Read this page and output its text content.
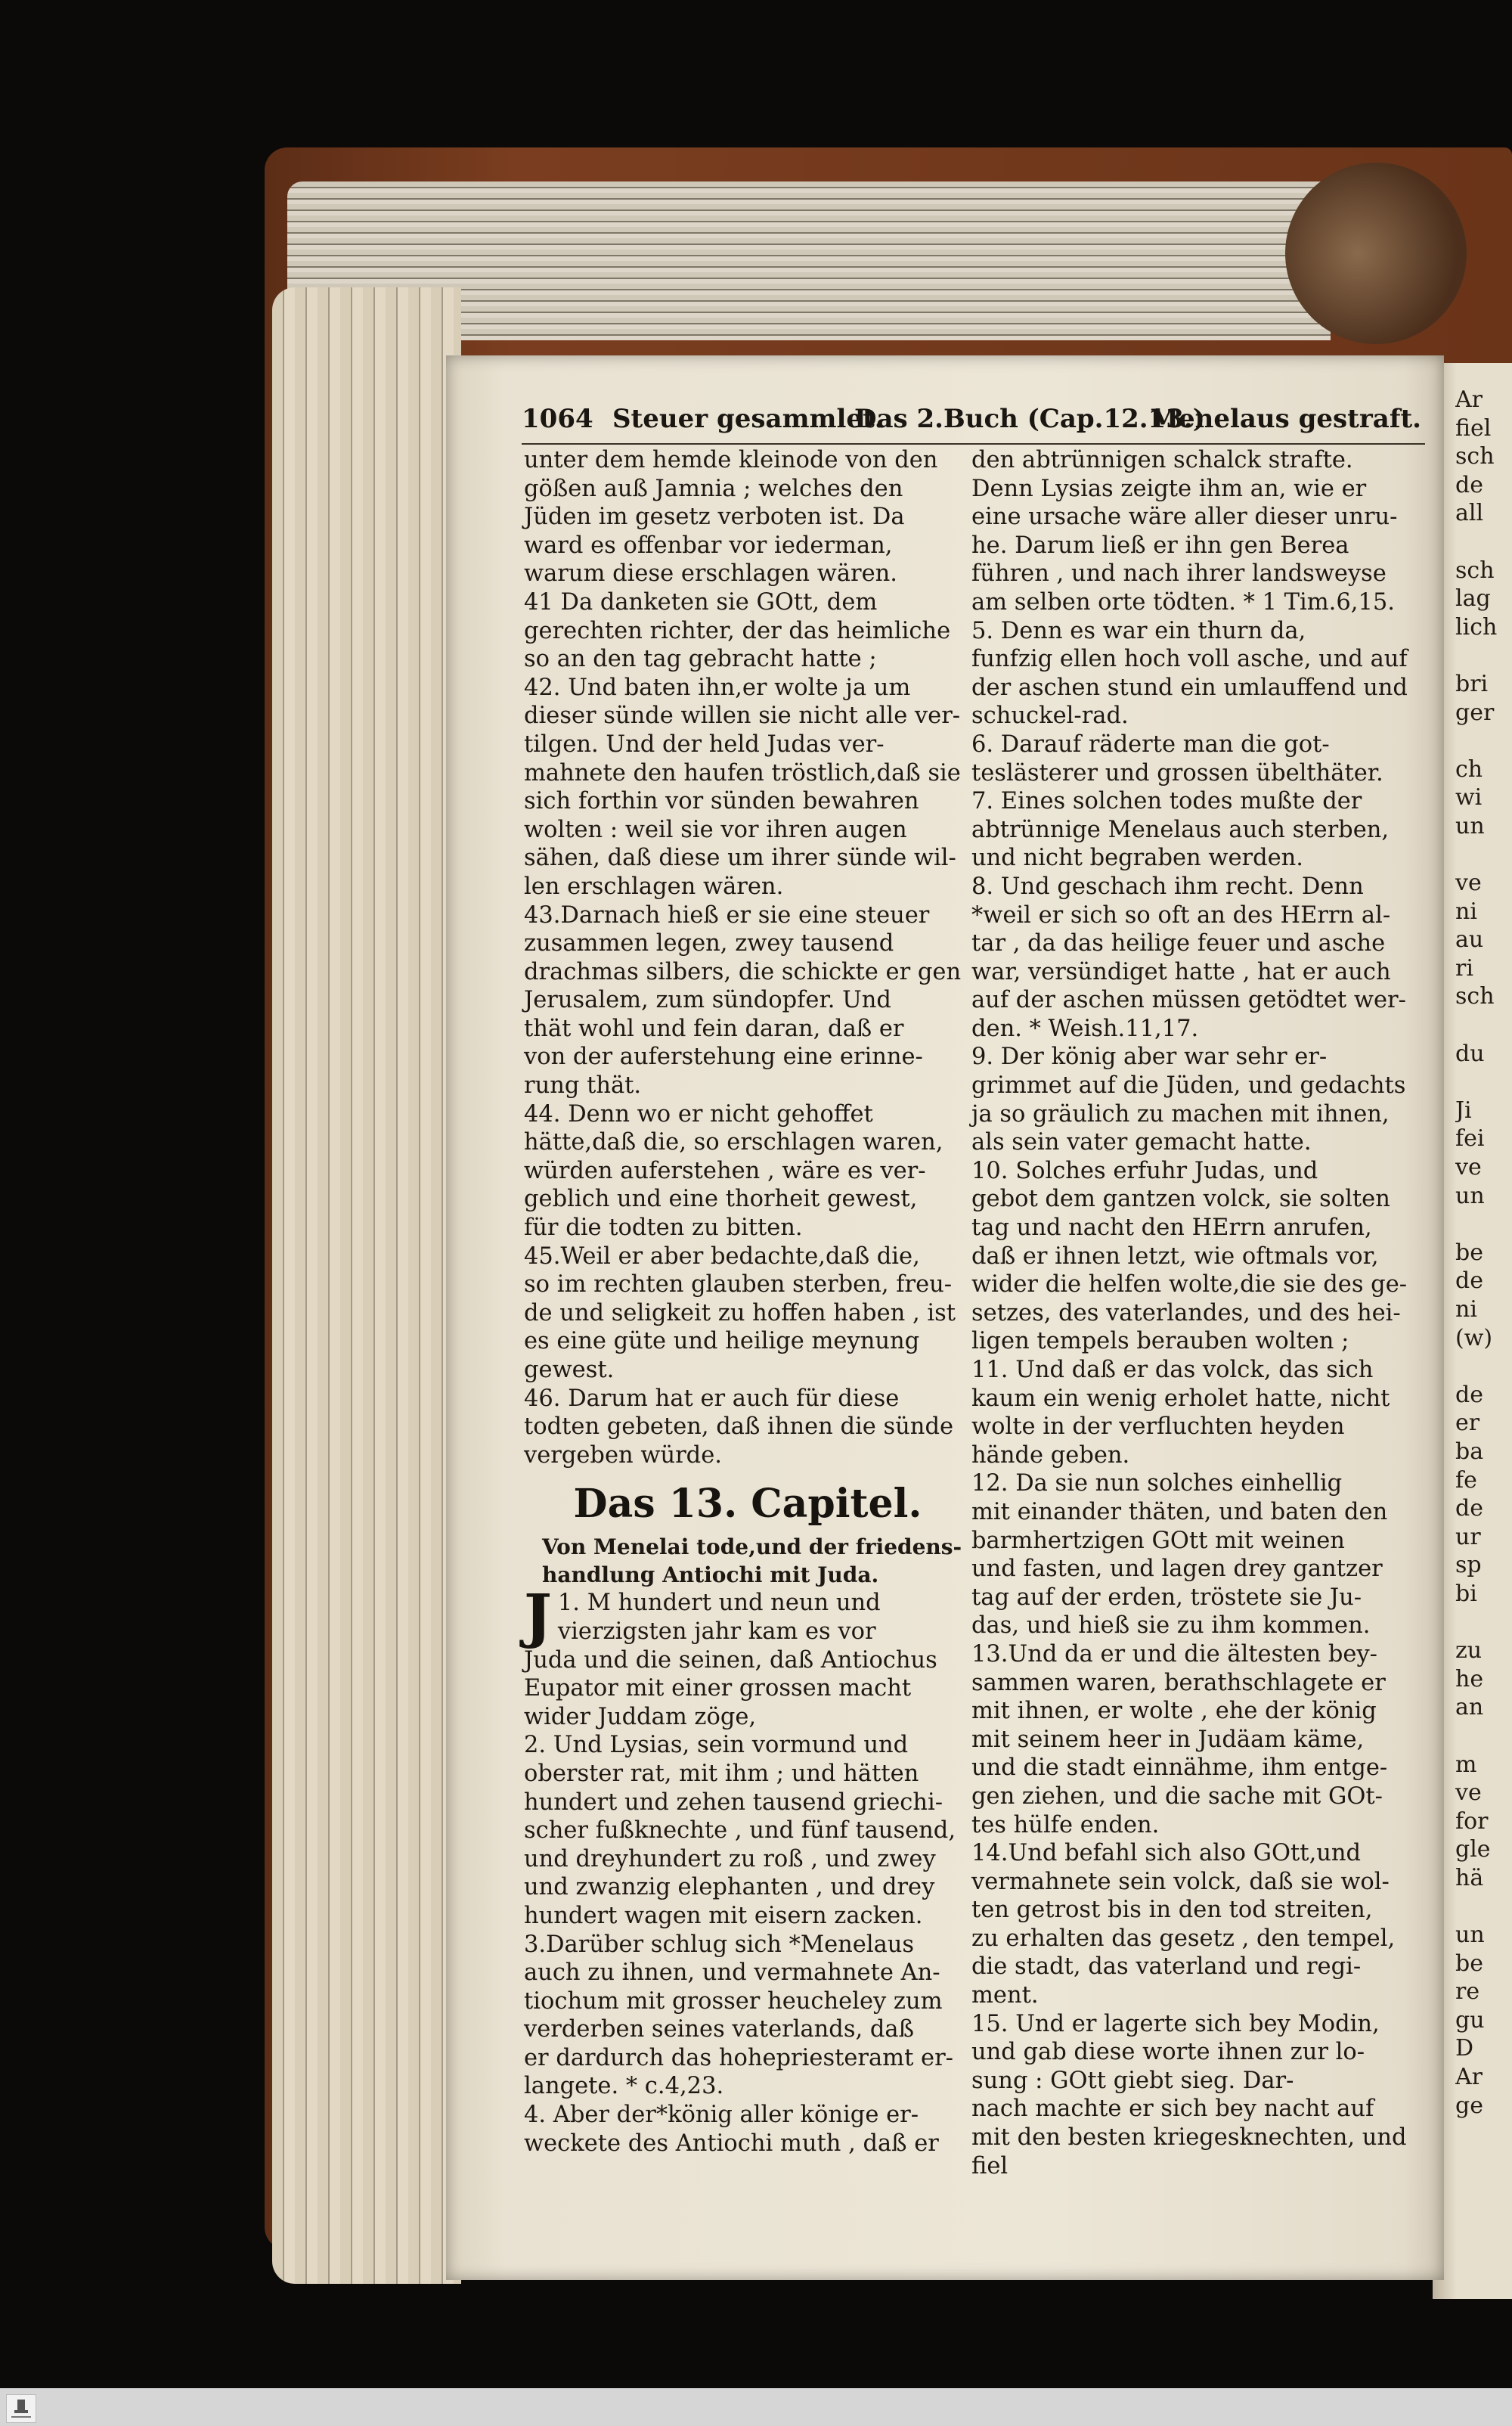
1064 Steuer gesammlet.
Das 2.Buch (Cap.12.13.)
Menelaus gestraft.

unter dem hemde kleinode von den

gößen auß Jamnia ; welches den

Jüden im gesetz verboten ist. Da

ward es offenbar vor iederman,

warum diese erschlagen wären.

41 Da danketen sie GOtt, dem

gerechten richter, der das heimliche

so an den tag gebracht hatte ;

42. Und baten ihn,er wolte ja um

dieser sünde willen sie nicht alle ver-

tilgen. Und der held Judas ver-

mahnete den haufen tröstlich,daß sie

sich forthin vor sünden bewahren

wolten : weil sie vor ihren augen

sähen, daß diese um ihrer sünde wil-

len erschlagen wären.

43.Darnach hieß er sie eine steuer

zusammen legen, zwey tausend

drachmas silbers, die schickte er gen

Jerusalem, zum sündopfer. Und

thät wohl und fein daran, daß er

von der auferstehung eine erinne-

rung thät.

44. Denn wo er nicht gehoffet

hätte,daß die, so erschlagen waren,

würden auferstehen , wäre es ver-

geblich und eine thorheit gewest,

für die todten zu bitten.

45.Weil er aber bedachte,daß die,

so im rechten glauben sterben, freu-

de und seligkeit zu hoffen haben , ist

es eine güte und heilige meynung

gewest.

46. Darum hat er auch für diese

todten gebeten, daß ihnen die sünde

vergeben würde.

Das 13. Capitel.

Von Menelai tode,und der friedens-

handlung Antiochi mit Juda.

1.
J M hundert und neun und

vierzigsten jahr kam es vor

Juda und die seinen, daß Antiochus

Eupator mit einer grossen macht

wider Juddam zöge,

2. Und Lysias, sein vormund und

oberster rat, mit ihm ; und hätten

hundert und zehen tausend griechi-

scher fußknechte , und fünf tausend,

und dreyhundert zu roß , und zwey

und zwanzig elephanten , und drey

hundert wagen mit eisern zacken.

3.Darüber schlug sich *Menelaus

auch zu ihnen, und vermahnete An-

tiochum mit grosser heucheley zum

verderben seines vaterlands, daß

er dardurch das hohepriesteramt er-

langete. * c.4,23.

4. Aber der*könig aller könige er-

weckete des Antiochi muth , daß er

den abtrünnigen schalck strafte.

Denn Lysias zeigte ihm an, wie er

eine ursache wäre aller dieser unru-

he. Darum ließ er ihn gen Berea

führen , und nach ihrer landsweyse

am selben orte tödten. * 1 Tim.6,15.

5. Denn es war ein thurn da,

funfzig ellen hoch voll asche, und auf

der aschen stund ein umlauffend und

schuckel-rad.

6. Darauf räderte man die got-

teslästerer und grossen übelthäter.

7. Eines solchen todes mußte der

abtrünnige Menelaus auch sterben,

und nicht begraben werden.

8. Und geschach ihm recht. Denn

*weil er sich so oft an des HErrn al-

tar , da das heilige feuer und asche

war, versündiget hatte , hat er auch

auf der aschen müssen getödtet wer-

den. * Weish.11,17.

9. Der könig aber war sehr er-

grimmet auf die Jüden, und gedachts

ja so gräulich zu machen mit ihnen,

als sein vater gemacht hatte.

10. Solches erfuhr Judas, und

gebot dem gantzen volck, sie solten

tag und nacht den HErrn anrufen,

daß er ihnen letzt, wie oftmals vor,

wider die helfen wolte,die sie des ge-

setzes, des vaterlandes, und des hei-

ligen tempels berauben wolten ;

11. Und daß er das volck, das sich

kaum ein wenig erholet hatte, nicht

wolte in der verfluchten heyden

hände geben.

12. Da sie nun solches einhellig

mit einander thäten, und baten den

barmhertzigen GOtt mit weinen

und fasten, und lagen drey gantzer

tag auf der erden, tröstete sie Ju-

das, und hieß sie zu ihm kommen.

13.Und da er und die ältesten bey-

sammen waren, berathschlagete er

mit ihnen, er wolte , ehe der könig

mit seinem heer in Judäam käme,

und die stadt einnähme, ihm entge-

gen ziehen, und die sache mit GOt-

tes hülfe enden.

14.Und befahl sich also GOtt,und

vermahnete sein volck, daß sie wol-

ten getrost bis in den tod streiten,

zu erhalten das gesetz , den tempel,

die stadt, das vaterland und regi-

ment.

15. Und er lagerte sich bey Modin,

und gab diese worte ihnen zur lo-

sung : GOtt giebt sieg. Dar-

nach machte er sich bey nacht auf

mit den besten kriegesknechten, und

fiel

Ar
fiel
sch
de
all

sch
lag
lich

bri
ger

ch
wi
un

ve
ni
au
ri
sch

du

Ji
fei
ve
un

be
de
ni
(w)

de
er
ba
fe
de
ur
sp
bi

zu
he
an

m
ve
for
gle
hä

un
be
re
gu
D
Ar
ge
